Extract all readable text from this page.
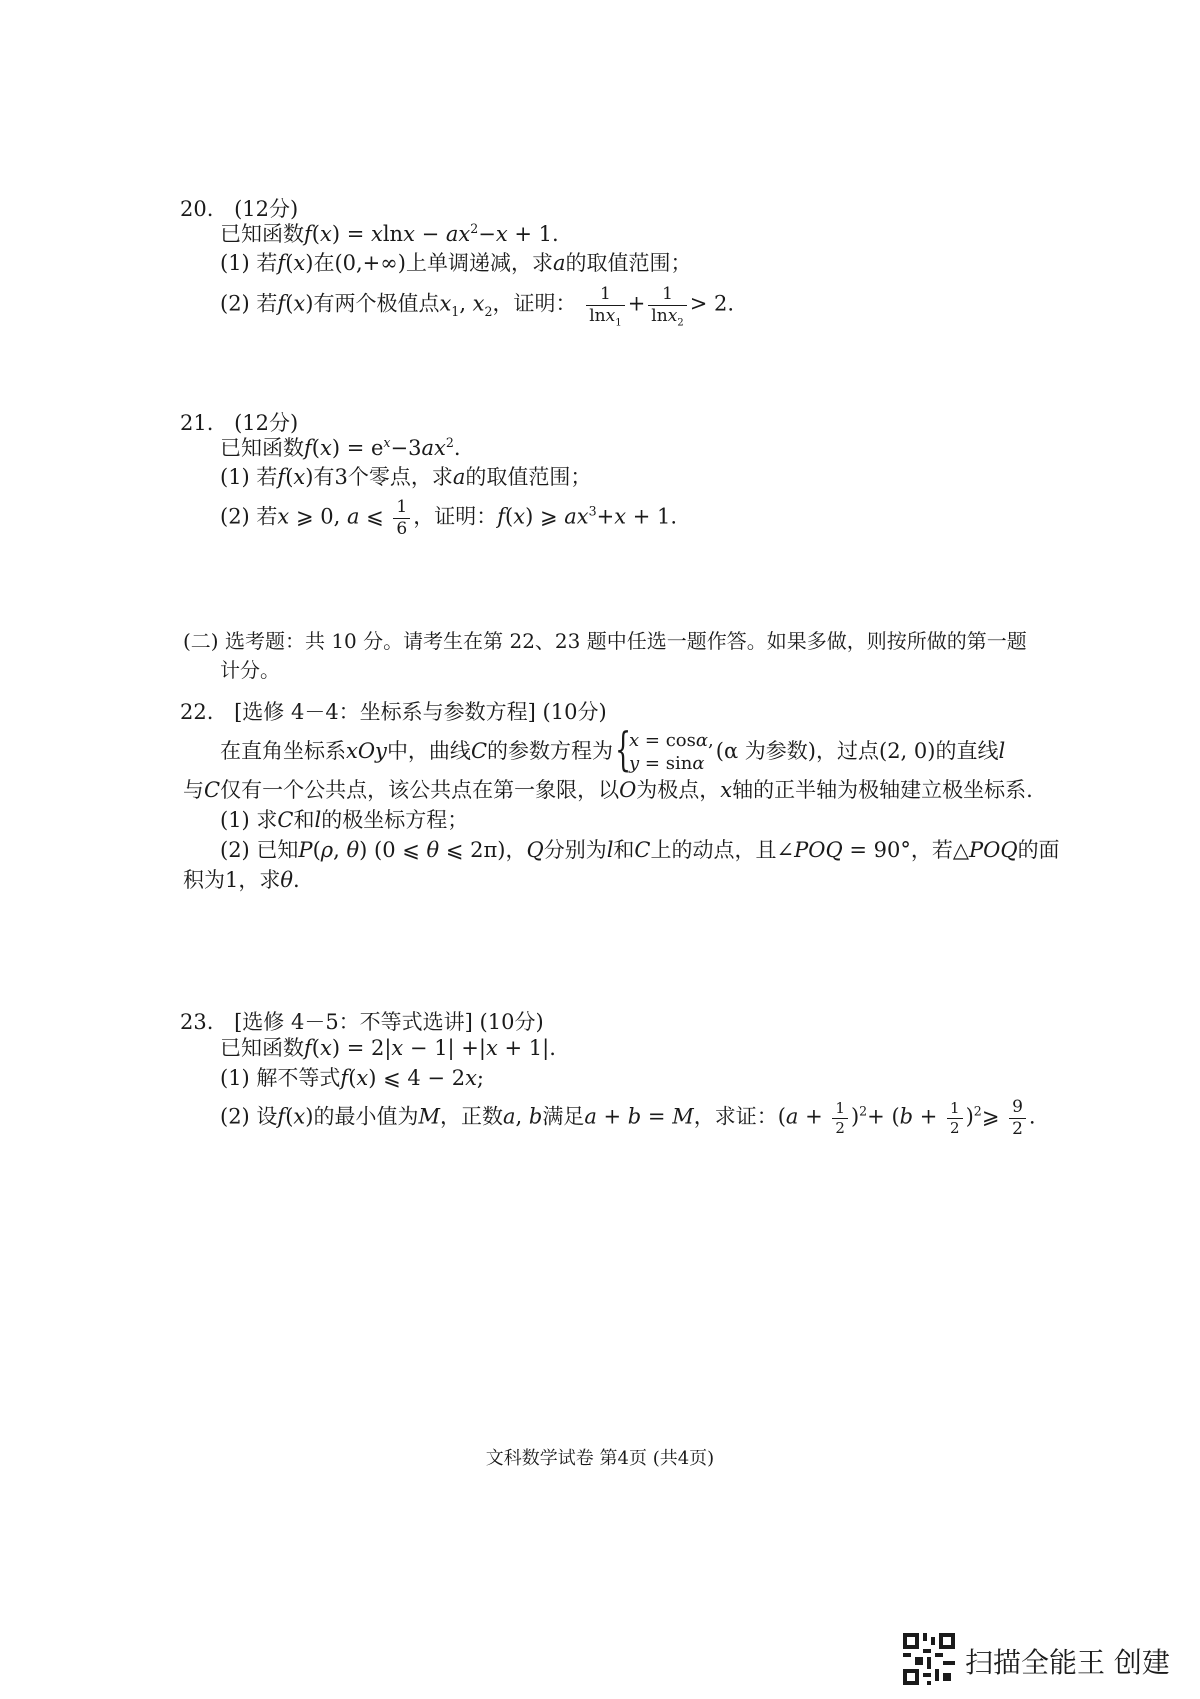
20. (12分)
已知函数$f(x) = xlnx - ax^2-x + 1$.
(1) 若f(x)在(0,+∞)上单调递减，求a的取值范围；
(2) 若f(x)有两个极值点$x_1$, $x_2$，证明： $\frac{1}{\ln x_1} + \frac{1}{\ln x_2} > 2$.
21. (12分)
已知函数$f(x) = e^x-3ax^2$.
(1) 若f(x)有3个零点，求a的取值范围；
(2) 若x ⩾ 0, a ⩽ $\frac{1}{6}$ ，证明：f(x) ⩾ $ax^3+x + 1$.
(二) 选考题：共 10 分。请考生在第 22、23 题中任选一题作答。如果多做，则按所做的第一题
计分。
22. [选修 4－4：坐标系与参数方程] (10分)
在直角坐标系xOy中，曲线C的参数方程为 {
x = cosα,
y = sinα (α 为参数)，过点(2, 0)的直线l
与C仅有一个公共点，该公共点在第一象限，以O为极点，x轴的正半轴为极轴建立极坐标系.
(1) 求C和l的极坐标方程；
(2) 已知P(ρ, θ) (0 ⩽ θ ⩽ 2π)，Q分别为l和C上的动点，且∠POQ = 90°，若△POQ的面
积为1，求θ.
23. [选修 4－5：不等式选讲] (10分)
已知函数f(x) = 2|x − 1| +|x + 1|.
(1) 解不等式f(x) ⩽ 4 − 2x;
(2) 设f(x)的最小值为M，正数a, b满足a + b = M，求证：$(a + \frac{1}{2} )^2+ (b + \frac{1}{2}$ )$^2⩾ \frac{9}{2}$ .
文科数学试卷 第4页 (共4页)
扫描全能王 创建
